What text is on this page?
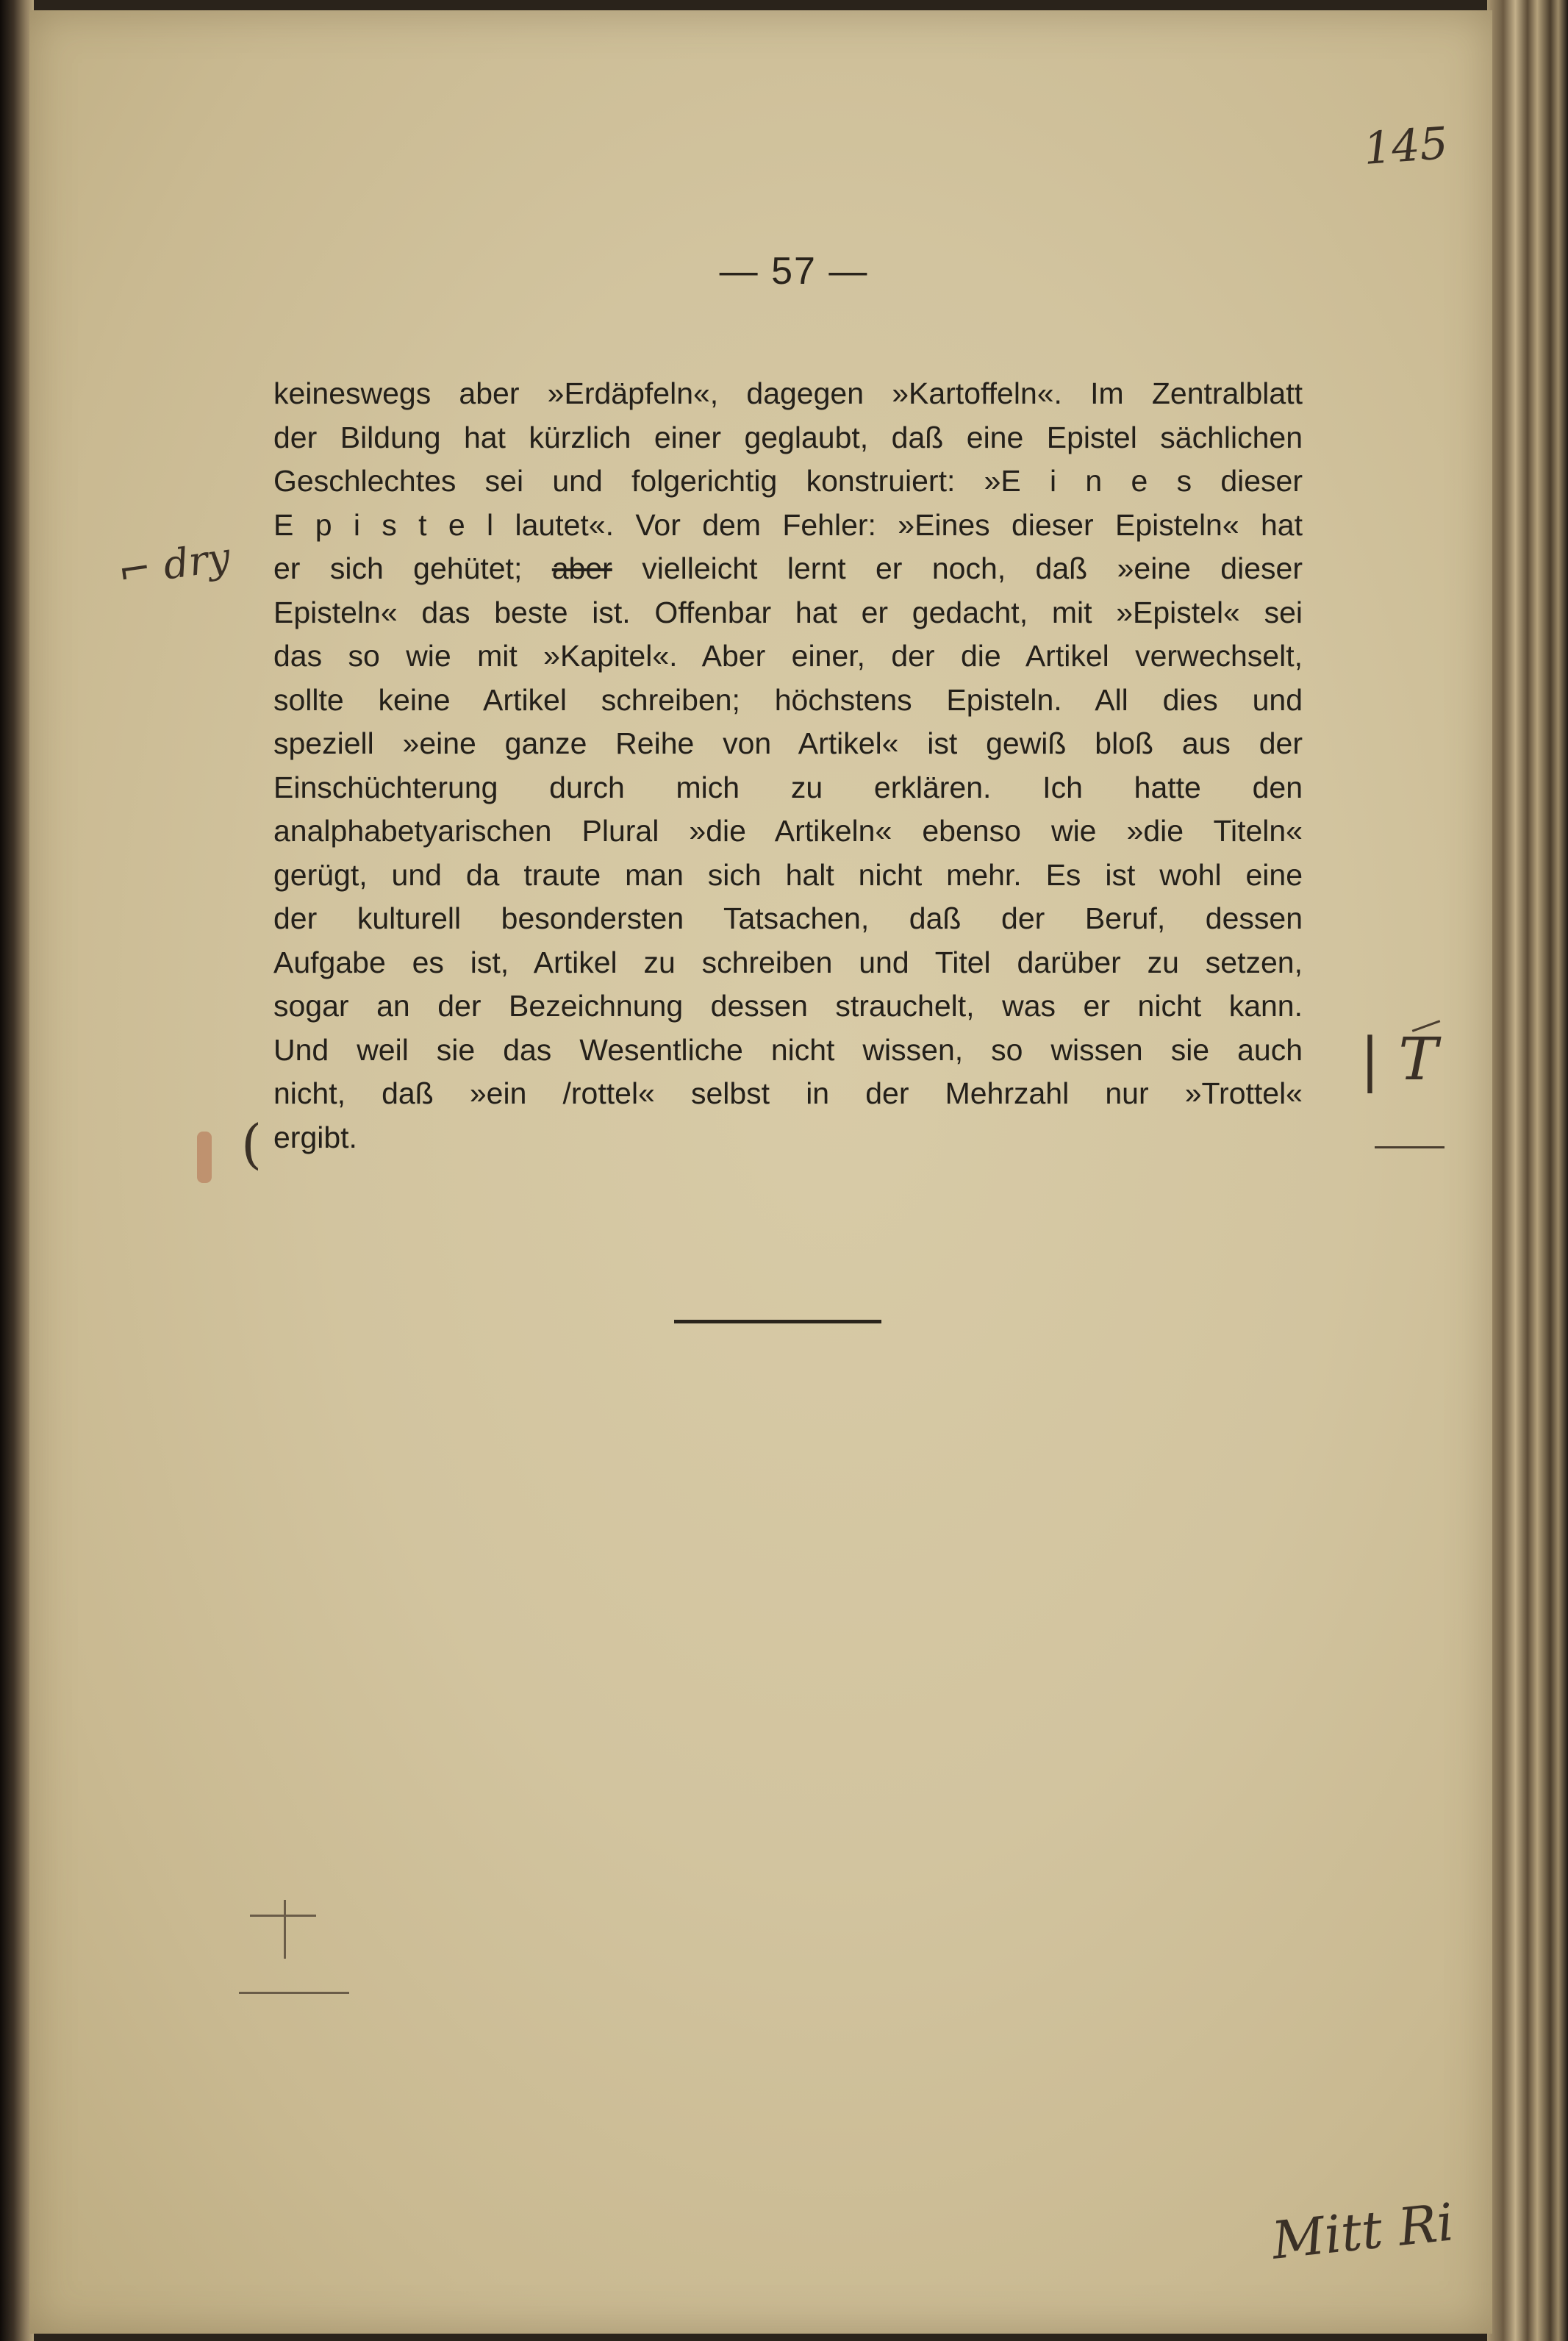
145
— 57 —
keineswegs aber »Erdäpfeln«, dagegen »Kartoffeln«. Im Zentralblatt
der Bildung hat kürzlich einer geglaubt, daß eine Epistel sächlichen
Geschlechtes sei und folgerichtig konstruiert: »E i n e s dieser
E p i s t e l lautet«. Vor dem Fehler: »Eines dieser Episteln« hat
er sich gehütet; aber vielleicht lernt er noch, daß »eine dieser
Episteln« das beste ist. Offenbar hat er gedacht, mit »Epistel« sei
das so wie mit »Kapitel«. Aber einer, der die Artikel verwechselt,
sollte keine Artikel schreiben; höchstens Episteln. All dies und
speziell »eine ganze Reihe von Artikel« ist gewiß bloß aus der
Einschüchterung durch mich zu erklären. Ich hatte den
analphabetyarischen Plural »die Artikeln« ebenso wie »die Titeln«
gerügt, und da traute man sich halt nicht mehr. Es ist wohl eine
der kulturell besondersten Tatsachen, daß der Beruf, dessen
Aufgabe es ist, Artikel zu schreiben und Titel darüber zu setzen,
sogar an der Bezeichnung dessen strauchelt, was er nicht kann.
Und weil sie das Wesentliche nicht wissen, so wissen sie auch
nicht, daß »ein /rottel« selbst in der Mehrzahl nur »Trottel«
ergibt.
⌐ dry
(
| T
Mitt Ri
